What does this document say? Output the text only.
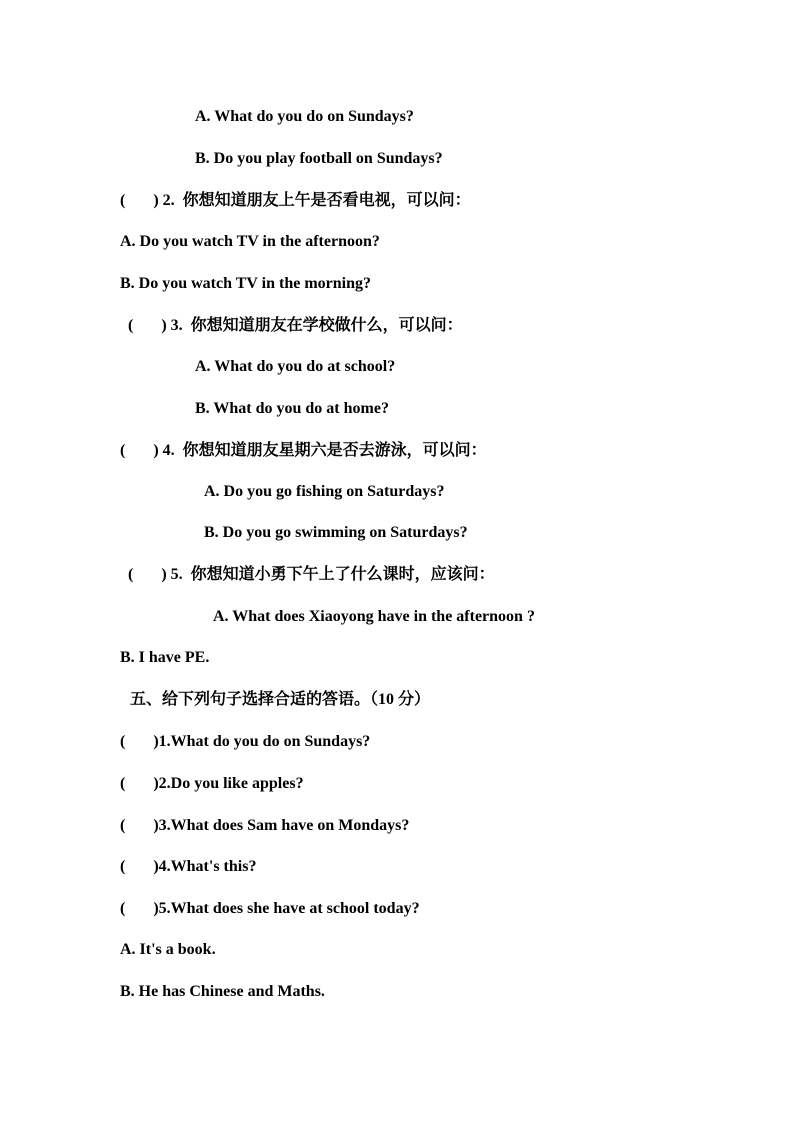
A. What do you do on Sundays?
B. Do you play football on Sundays?
(       ) 2.  你想知道朋友上午是否看电视，可以问：
A. Do you watch TV in the afternoon?
B. Do you watch TV in the morning?
(       ) 3.  你想知道朋友在学校做什么，可以问：
A. What do you do at school?
B. What do you do at home?
(       ) 4.  你想知道朋友星期六是否去游泳，可以问：
A. Do you go fishing on Saturdays?
B. Do you go swimming on Saturdays?
(       ) 5.  你想知道小勇下午上了什么课时，应该问：
A. What does Xiaoyong have in the afternoon ?
B. I have PE.
五、给下列句子选择合适的答语。（10 分）
(       )1.What do you do on Sundays?
(       )2.Do you like apples?
(       )3.What does Sam have on Mondays?
(       )4.What's this?
(       )5.What does she have at school today?
A. It's a book.
B. He has Chinese and Maths.
